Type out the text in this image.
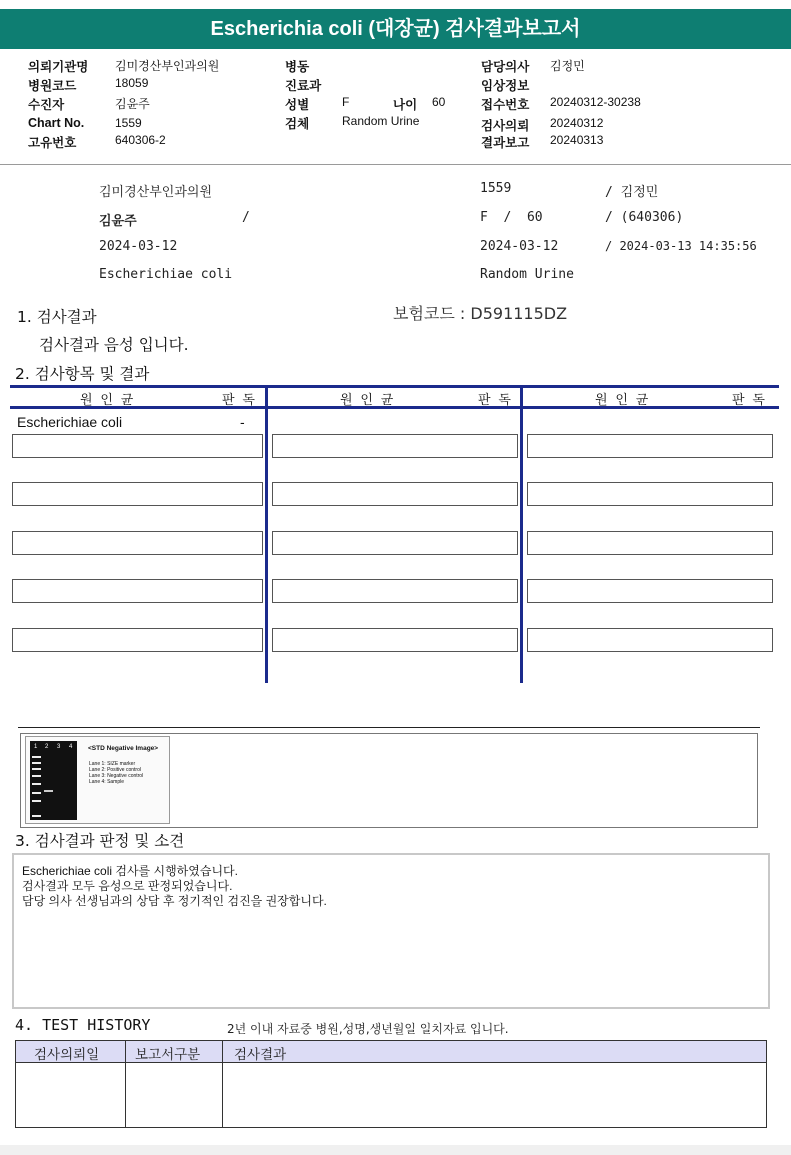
Escherichia coli (대장균) 검사결과보고서
의뢰기관명 김미경산부인과의원
병원코드	18059
수진자	김윤주
Chart No.	1559
고유번호	640306-2
병동
진료과
성별	F	나이 60
검체	Random Urine
담당의사 김정민
임상정보
접수번호 20240312-30238
검사의뢰 20240312
결과보고 20240313
김미경산부인과의원	1559	/ 김정민
김윤주	/	F  /  60	/ (640306)
2024-03-12	2024-03-12	/ 2024-03-13 14:35:56
Escherichiae coli	Random Urine
1. 검사결과	보험코드 : D591115DZ
검사결과 음성 입니다.
2. 검사항목 및 결과
원 인 균	판 독	원 인 균	판 독	원 인 균	판 독
Escherichiae coli	-
1 2 3 4 <STD Negative Image>
Lane 1: SIZE marker
Lane 2: Positive control
Lane 3: Negative control
Lane 4: Sample
3. 검사결과 판정 및 소견
Escherichiae coli 검사를 시행하였습니다.
검사결과 모두 음성으로 판정되었습니다.
담당 의사 선생님과의 상담 후 정기적인 검진을 권장합니다.
4. TEST HISTORY	2년 이내 자료중 병원,성명,생년월일 일치자료 입니다.
검사의뢰일	보고서구분	검사결과
